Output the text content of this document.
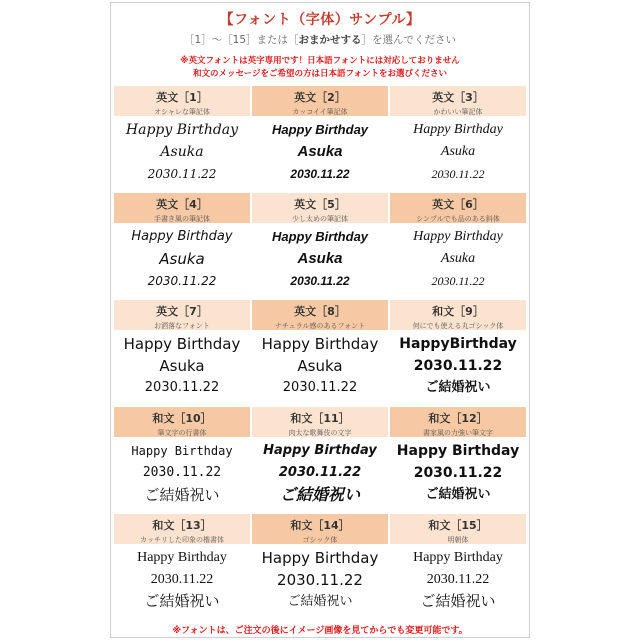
【フォント（字体）サンプル】
［1］～［15］または［おまかせする］を選んでください
※英文フォントは英字専用です！日本語フォントには対応しておりません
和文のメッセージをご希望の方は日本語フォントをお選びください
英文［1］
オシャレな筆記体
Happy Birthday
Asuka
2030.11.22
英文［2］
カッコイイ筆記体
Happy Birthday
Asuka
2030.11.22
英文［3］
かわいい筆記体
Happy Birthday
Asuka
2030.11.22
英文［4］
手書き風の筆記体
Happy Birthday
Asuka
2030.11.22
英文［5］
少し太めの筆記体
Happy Birthday
Asuka
2030.11.22
英文［6］
シンプルでも品のある斜体
Happy Birthday
Asuka
2030.11.22
英文［7］
お洒落なフォント
Happy Birthday
Asuka
2030.11.22
英文［8］
ナチュラル感のあるフォント
Happy Birthday
Asuka
2030.11.22
和文［9］
何にでも使える丸ゴシック体
HappyBirthday
2030.11.22
ご結婚祝い
和文［10］
筆文字の行書体
Happy Birthday
2030.11.22
ご結婚祝い
和文［11］
肉太な歌舞伎の文字
Happy Birthday
2030.11.22
ご結婚祝い
和文［12］
書家風の力強い筆文字
Happy Birthday
2030.11.22
ご結婚祝い
和文［13］
カッチリした印象の楷書体
Happy Birthday
2030.11.22
ご結婚祝い
和文［14］
ゴシック体
Happy Birthday
2030.11.22
ご結婚祝い
和文［15］
明朝体
Happy Birthday
2030.11.22
ご結婚祝い
※フォントは、ご注文の後にイメージ画像を見てからでも変更可能です。
